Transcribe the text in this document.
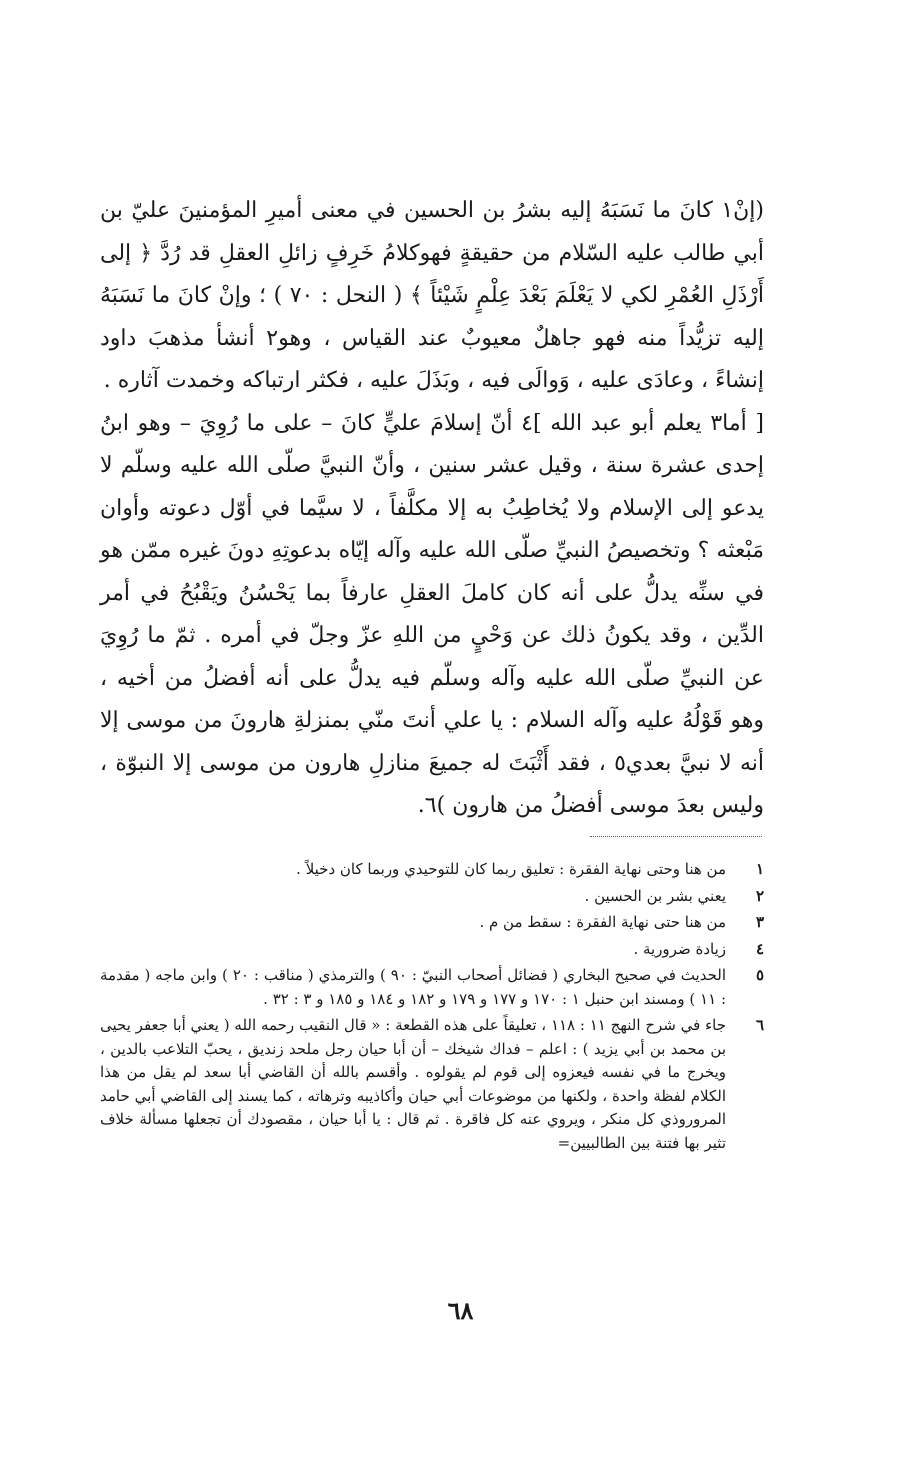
(إنْ١ كانَ ما نَسَبَهُ إليه بشرُ بن الحسين في معنى أميرِ المؤمنينَ عليّ بن أبي طالب عليه السّلام من حقيقةٍ فهوكلامُ خَرِفٍ زائلِ العقلِ قد رُدَّ ﴿ إلى أَرْذَلِ العُمْرِ لكي لا يَعْلَمَ بَعْدَ عِلْمٍ شَيْئاً ﴾ ( النحل : ٧٠ ) ؛ وإنْ كانَ ما نَسَبَهُ إليه تزيُّداً منه فهو جاهلٌ معيوبٌ عند القياس ، وهو٢ أنشأ مذهبَ داود إنشاءً ، وعادَى عليه ، وَوالَى فيه ، وبَذَلَ عليه ، فكثر ارتباكه وخمدت آثاره .

[ أما٣ يعلم أبو عبد الله ]٤ أنّ إسلامَ عليٍّ كانَ – على ما رُوِيَ – وهو ابنُ إحدى عشرة سنة ، وقيل عشر سنين ، وأنّ النبيَّ صلّى الله عليه وسلّم لا يدعو إلى الإسلام ولا يُخاطِبُ به إلا مكلَّفاً ، لا سيَّما في أوّل دعوته وأوان مَبْعثه ؟ وتخصيصُ النبيِّ صلّى الله عليه وآله إيّاه بدعوتِهِ دونَ غيره ممّن هو في سنِّه يدلُّ على أنه كان كاملَ العقلِ عارفاً بما يَحْسُنُ ويَقْبُحُ في أمر الدِّين ، وقد يكونُ ذلك عن وَحْيٍ من اللهِ عزّ وجلّ في أمره . ثمّ ما رُوِيَ عن النبيِّ صلّى الله عليه وآله وسلّم فيه يدلُّ على أنه أفضلُ من أخيه ، وهو قَوْلُهُ عليه وآله السلام : يا علي أنتَ منّي بمنزلةِ هارونَ من موسى إلا أنه لا نبيَّ بعدي٥ ، فقد أَثْبَتَ له جميعَ منازلِ هارون من موسى إلا النبوّة ، وليس بعدَ موسى أفضلُ من هارون )٦.

١
من هنا وحتى نهاية الفقرة : تعليق ربما كان للتوحيدي وربما كان دخيلاً .
٢
يعني بشر بن الحسين .
٣
من هنا حتى نهاية الفقرة : سقط من م .
٤
زيادة ضرورية .
٥
الحديث في صحيح البخاري ( فضائل أصحاب النبيّ : ٩٠ ) والترمذي ( مناقب : ٢٠ ) وابن ماجه ( مقدمة : ١١ ) ومسند ابن حنبل ١ : ١٧٠ و ١٧٧ و ١٧٩ و ١٨٢ و ١٨٤ و ١٨٥ و ٣ : ٣٢ .
٦
جاء في شرح النهج ١١ : ١١٨ ، تعليقاً على هذه القطعة : « قال النقيب رحمه الله ( يعني أبا جعفر يحيى بن محمد بن أبي يزيد ) : اعلم – فداك شيخك – أن أبا حيان رجل ملحد زنديق ، يحبّ التلاعب بالدين ، ويخرج ما في نفسه فيعزوه إلى قوم لم يقولوه . وأقسم بالله أن القاضي أبا سعد لم يقل من هذا الكلام لفظة واحدة ، ولكنها من موضوعات أبي حيان وأكاذيبه وترهاته ، كما يسند إلى القاضي أبي حامد المروروذي كل منكر ، ويروي عنه كل فاقرة . ثم قال : يا أبا حيان ، مقصودك أن تجعلها مسألة خلاف تثير بها فتنة بين الطالبيين=
٦٨
